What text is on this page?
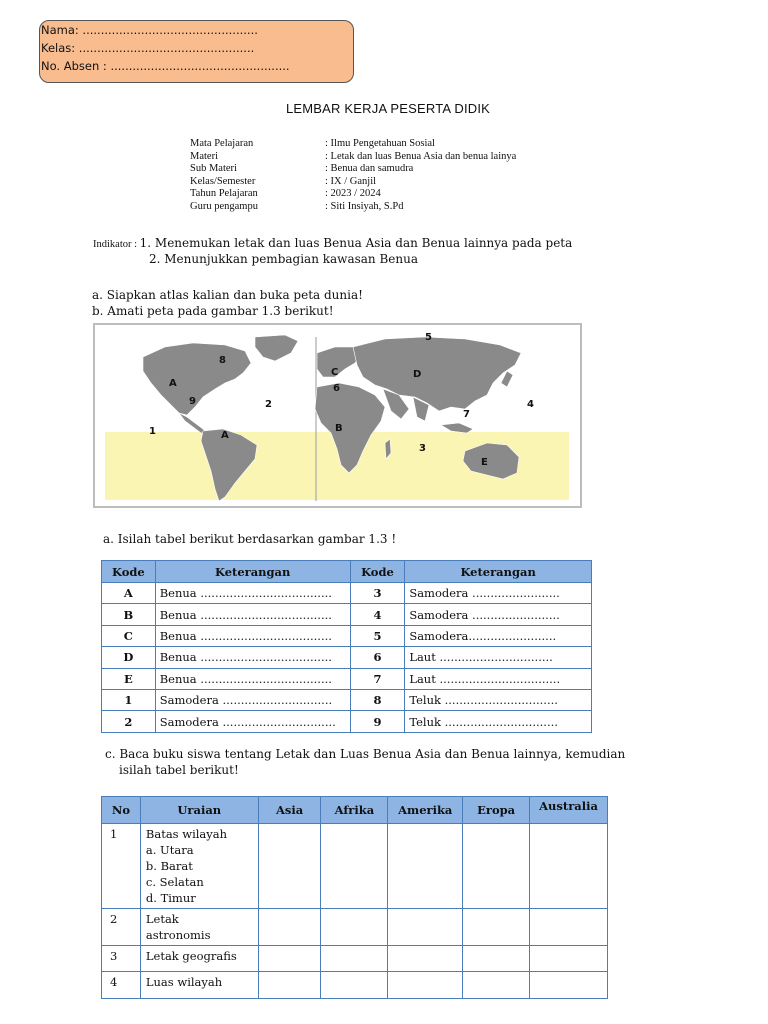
Nama: ................................................
Kelas: ................................................
No. Absen : .................................................
LEMBAR KERJA PESERTA DIDIK
Mata Pelajaran	: Ilmu Pengetahuan Sosial
Materi	: Letak dan luas Benua Asia dan benua lainya
Sub Materi	: Benua dan samudra
Kelas/Semester	: IX / Ganjil
Tahun Pelajaran	: 2023 / 2024
Guru pengampu	: Siti Insiyah, S.Pd
Indikator : 1. Menemukan letak dan luas Benua Asia dan Benua lainnya pada peta
2. Menunjukkan pembagian kawasan Benua
a. Siapkan atlas kalian dan buka peta dunia!
b. Amati peta pada gambar 1.3 berikut!
8
A
9	2
1	A
C
6
B
5
D
7
4
3
E
a. Isilah tabel berikut berdasarkan gambar 1.3 !
Kode	Keterangan	Kode	Keterangan
A	Benua ....................................	3	Samodera ........................
B	Benua ....................................	4	Samodera ........................
C	Benua ....................................	5	Samodera........................
D	Benua ....................................	6	Laut ...............................
E	Benua ....................................	7	Laut .................................
1	Samodera ..............................	8	Teluk ...............................
2	Samodera ...............................	9	Teluk ...............................
c. Baca buku siswa tentang Letak dan Luas Benua Asia dan Benua lainnya, kemudian
isilah tabel berikut!
No	Uraian	Asia	Afrika	Amerika	Eropa	Australia
1	Batas wilayah
a. Utara
b. Barat
c. Selatan
d. Timur					

2	Letak
astronomis					

3	Letak geografis					

4	Luas wilayah					
